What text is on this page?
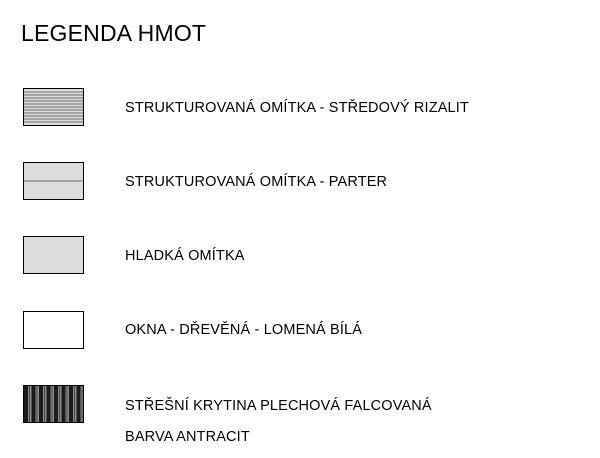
LEGENDA HMOT
STRUKTUROVANÁ OMÍTKA - STŘEDOVÝ RIZALIT
STRUKTUROVANÁ OMÍTKA - PARTER
HLADKÁ OMÍTKA
OKNA - DŘEVĚNÁ - LOMENÁ BÍLÁ
STŘEŠNÍ KRYTINA PLECHOVÁ FALCOVANÁ
BARVA ANTRACIT
